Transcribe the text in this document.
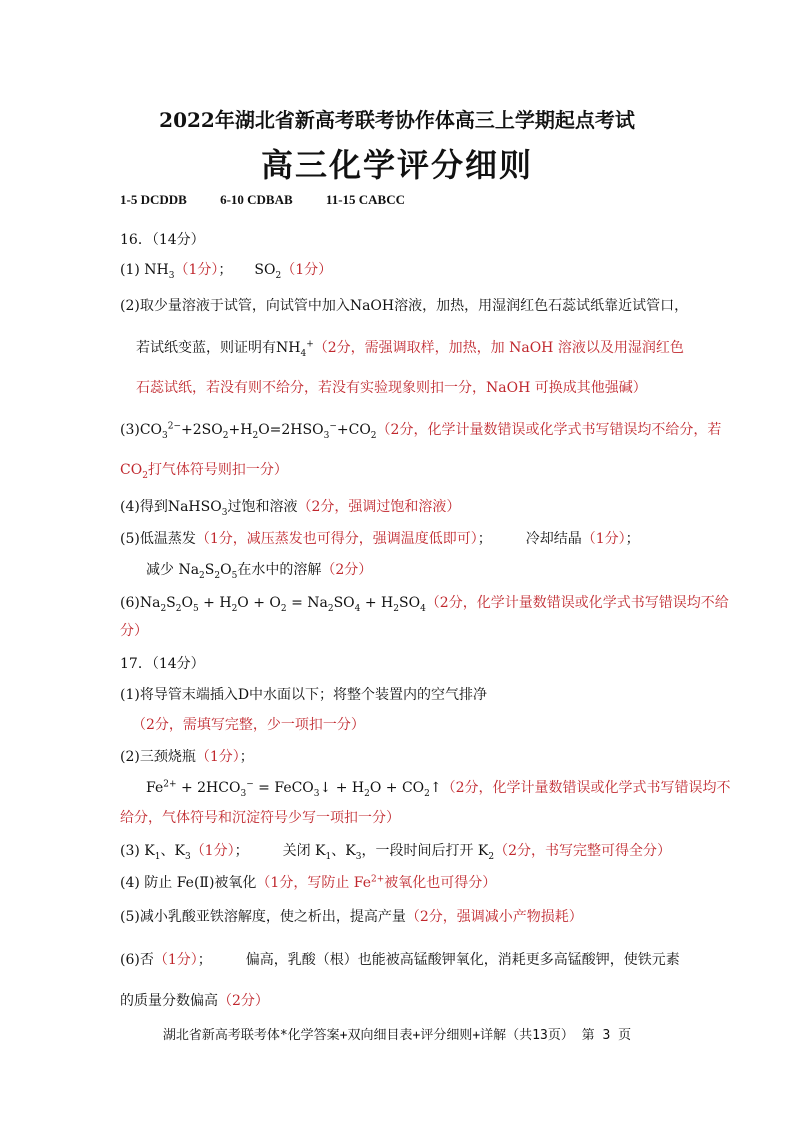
2022年湖北省新高考联考协作体高三上学期起点考试
高三化学评分细则
1-5 DCDDB	6-10 CDBAB	11-15 CABCC
16．（14分）
(1) $NH_3(1$分）； $SO_2(1$分）
(2)取少量溶液于试管，向试管中加入NaOH溶液，加热，用湿润红色石蕊试纸靠近试管口，
若试纸变蓝，则证明有$NH_4^+(2$分，需强调取样，加热，加 NaOH 溶液以及用湿润红色
石蕊试纸，若没有则不给分，若没有实验现象则扣一分，NaOH 可换成其他强碱）
$(3)CO_3^{2-}+2SO_2+H_2O=2HSO_3^-+CO_2(2$分，化学计量数错误或化学式书写错误均不给分，若
$CO_2$打气体符号则扣一分）
(4)得到NaHSO$_3$过饱和溶液（2分，强调过饱和溶液）
(5)低温蒸发（1分，减压蒸发也可得分，强调温度低即可）； 冷却结晶（1分）；
减少 $Na_2S_2O_5$在水中的溶解（2分）
$(6)Na_2S_2O_5 + H_2O + O_2 = Na_2SO_4 + H_2SO_4(2$分，化学计量数错误或化学式书写错误均不给
分）
17．（14分）
(1)将导管末端插入D中水面以下；将整个装置内的空气排净
（2分，需填写完整，少一项扣一分）
(2)三颈烧瓶（1分）；
$Fe^{2+} + 2HCO_3^-$ = FeCO$_3$↓ + $H_2O$ + $CO_2↑(2$分，化学计量数错误或化学式书写错误均不
给分，气体符号和沉淀符号少写一项扣一分）
(3) $K_1$、$K_3(1$分）； 关闭 $K_1$、$K_3$，一段时间后打开 $K_2(2$分，书写完整可得全分）
(4) 防止 Fe(Ⅱ)被氧化（1分，写防止 $Fe^{2+}$被氧化也可得分）
(5)减小乳酸亚铁溶解度，使之析出，提高产量（2分，强调减小产物损耗）
(6)否（1分）； 偏高，乳酸（根）也能被高锰酸钾氧化，消耗更多高锰酸钾，使铁元素
的质量分数偏高（2分）
湖北省新高考联考体*化学答案+双向细目表+评分细则+详解（共13页） 第 3 页
